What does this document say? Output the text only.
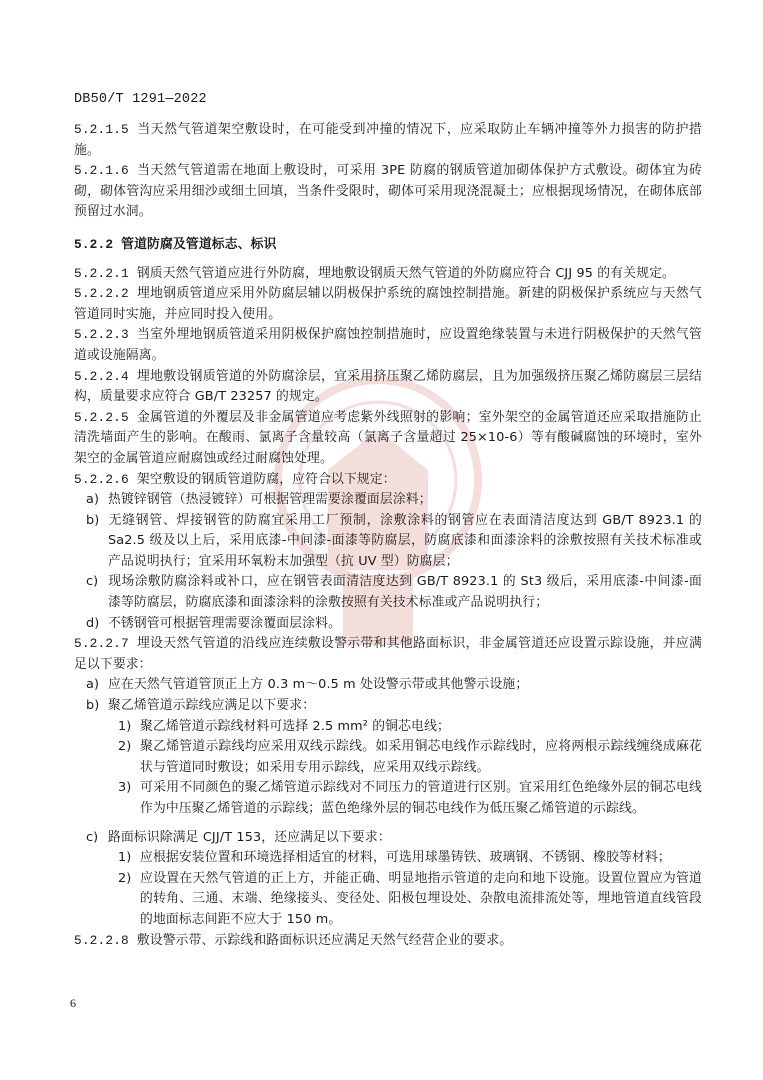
DB50/T 1291—2022

5.2.1.5 当天然气管道架空敷设时，在可能受到冲撞的情况下，应采取防止车辆冲撞等外力损害的防护措施。

5.2.1.6 当天然气管道需在地面上敷设时，可采用 3PE 防腐的钢质管道加砌体保护方式敷设。砌体宜为砖砌，砌体管沟应采用细沙或细土回填，当条件受限时，砌体可采用现浇混凝土；应根据现场情况，在砌体底部预留过水洞。

5.2.2 管道防腐及管道标志、标识

5.2.2.1 钢质天然气管道应进行外防腐，埋地敷设钢质天然气管道的外防腐应符合 CJJ 95 的有关规定。

5.2.2.2 埋地钢质管道应采用外防腐层辅以阴极保护系统的腐蚀控制措施。新建的阴极保护系统应与天然气管道同时实施，并应同时投入使用。

5.2.2.3 当室外埋地钢质管道采用阴极保护腐蚀控制措施时，应设置绝缘装置与未进行阴极保护的天然气管道或设施隔离。

5.2.2.4 埋地敷设钢质管道的外防腐涂层，宜采用挤压聚乙烯防腐层，且为加强级挤压聚乙烯防腐层三层结构，质量要求应符合 GB/T 23257 的规定。

5.2.2.5 金属管道的外覆层及非金属管道应考虑紫外线照射的影响；室外架空的金属管道还应采取措施防止清洗墙面产生的影响。在酸雨、氯离子含量较高（氯离子含量超过 25×10-6）等有酸碱腐蚀的环境时，室外架空的金属管道应耐腐蚀或经过耐腐蚀处理。

5.2.2.6 架空敷设的钢质管道防腐，应符合以下规定：

a) 热镀锌钢管（热浸镀锌）可根据管理需要涂覆面层涂料；

b) 无缝钢管、焊接钢管的防腐宜采用工厂预制，涂敷涂料的钢管应在表面清洁度达到 GB/T 8923.1 的 Sa2.5 级及以上后，采用底漆-中间漆-面漆等防腐层，防腐底漆和面漆涂料的涂敷按照有关技术标准或产品说明执行；宜采用环氧粉末加强型（抗 UV 型）防腐层；

c) 现场涂敷防腐涂料或补口，应在钢管表面清洁度达到 GB/T 8923.1 的 St3 级后，采用底漆-中间漆-面漆等防腐层，防腐底漆和面漆涂料的涂敷按照有关技术标准或产品说明执行；

d) 不锈钢管可根据管理需要涂覆面层涂料。

5.2.2.7 埋设天然气管道的沿线应连续敷设警示带和其他路面标识，非金属管道还应设置示踪设施，并应满足以下要求：

a) 应在天然气管道管顶正上方 0.3 m～0.5 m 处设警示带或其他警示设施；

b) 聚乙烯管道示踪线应满足以下要求：

1) 聚乙烯管道示踪线材料可选择 2.5 mm² 的铜芯电线；

2) 聚乙烯管道示踪线均应采用双线示踪线。如采用铜芯电线作示踪线时，应将两根示踪线缠绕成麻花状与管道同时敷设；如采用专用示踪线，应采用双线示踪线。

3) 可采用不同颜色的聚乙烯管道示踪线对不同压力的管道进行区别。宜采用红色绝缘外层的铜芯电线作为中压聚乙烯管道的示踪线；蓝色绝缘外层的铜芯电线作为低压聚乙烯管道的示踪线。

c) 路面标识除满足 CJJ/T 153，还应满足以下要求：

1) 应根据安装位置和环境选择相适宜的材料，可选用球墨铸铁、玻璃钢、不锈钢、橡胶等材料；

2) 应设置在天然气管道的正上方，并能正确、明显地指示管道的走向和地下设施。设置位置应为管道的转角、三通、末端、绝缘接头、变径处、阳极包埋设处、杂散电流排流处等，埋地管道直线管段的地面标志间距不应大于 150 m。

5.2.2.8 敷设警示带、示踪线和路面标识还应满足天然气经营企业的要求。

6
